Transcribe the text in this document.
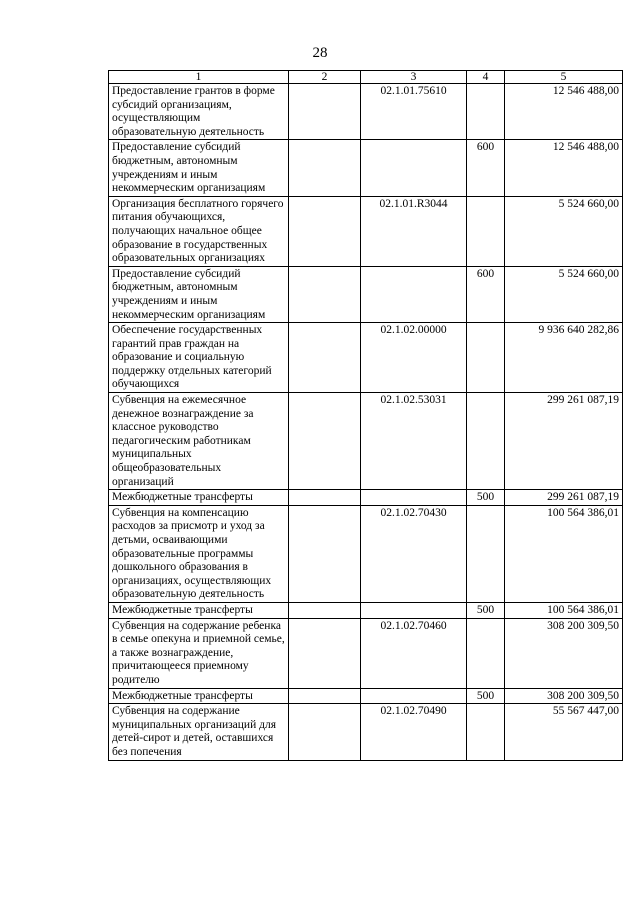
28
1	2	3	4	5
Предоставление грантов в форме субсидий организациям, осуществляющим образовательную деятельность		02.1.01.75610		12 546 488,00
Предоставление субсидий бюджетным, автономным учреждениям и иным некоммерческим организациям			600	12 546 488,00
Организация бесплатного горячего питания обучающихся, получающих начальное общее образование в государственных образовательных организациях		02.1.01.R3044		5 524 660,00
Предоставление субсидий бюджетным, автономным учреждениям и иным некоммерческим организациям			600	5 524 660,00
Обеспечение государственных гарантий прав граждан на образование и социальную поддержку отдельных категорий обучающихся		02.1.02.00000		9 936 640 282,86
Субвенция на ежемесячное денежное вознаграждение за классное руководство педагогическим работникам муниципальных общеобразовательных организаций		02.1.02.53031		299 261 087,19
Межбюджетные трансферты			500	299 261 087,19
Субвенция на компенсацию расходов за присмотр и уход за детьми, осваивающими образовательные программы дошкольного образования в организациях, осуществляющих образовательную деятельность		02.1.02.70430		100 564 386,01
Межбюджетные трансферты			500	100 564 386,01
Субвенция на содержание ребенка в семье опекуна и приемной семье, а также вознаграждение, причитающееся приемному родителю		02.1.02.70460		308 200 309,50
Межбюджетные трансферты			500	308 200 309,50
Субвенция на содержание муниципальных организаций для детей-сирот и детей, оставшихся без попечения		02.1.02.70490		55 567 447,00
